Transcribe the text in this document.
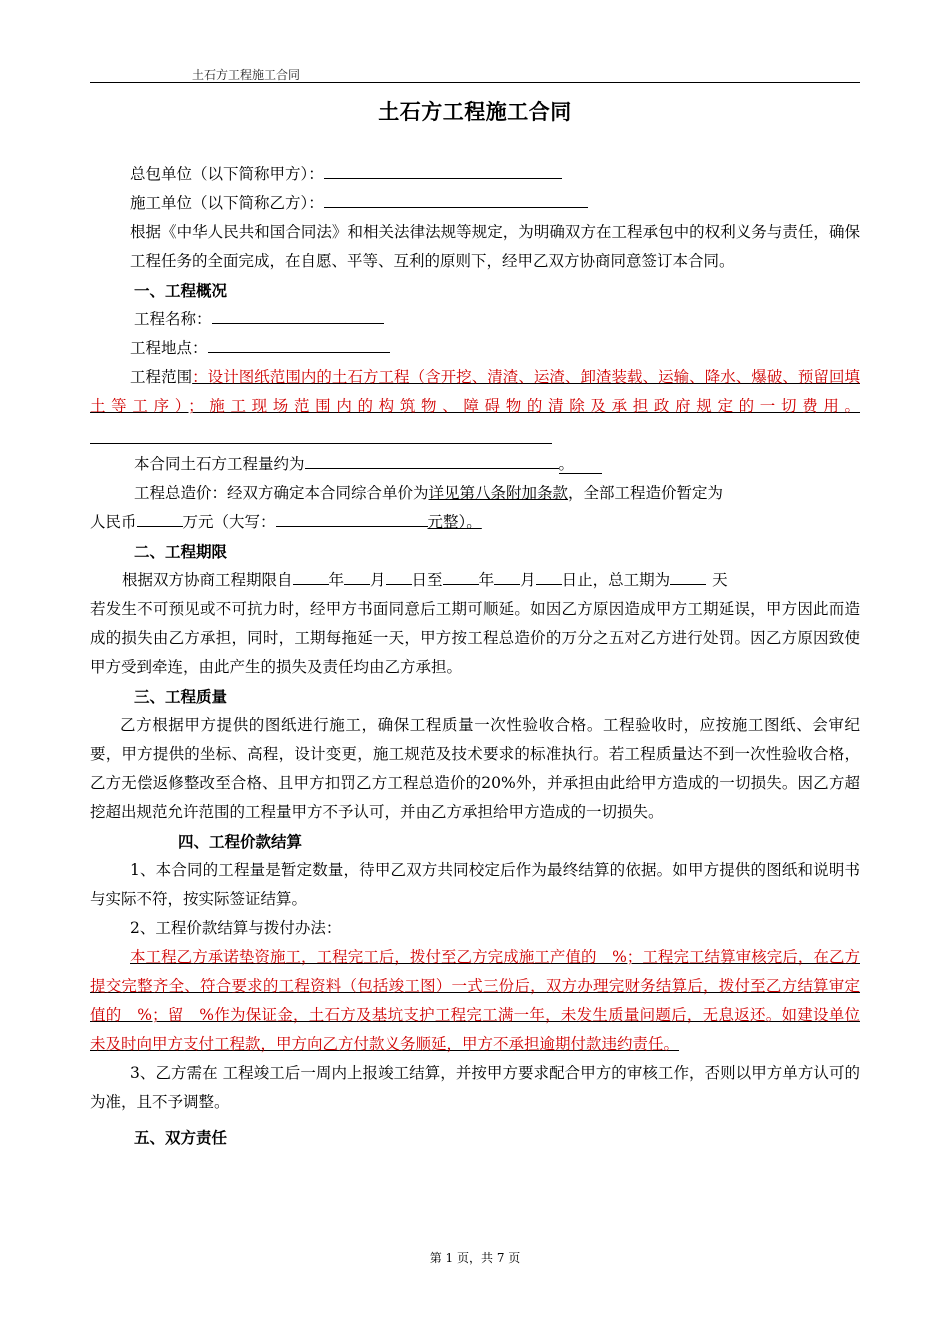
土石方工程施工合同
土石方工程施工合同

总包单位（以下简称甲方）：

施工单位（以下简称乙方）：

根据《中华人民共和国合同法》和相关法律法规等规定，为明确双方在工程承包中的权利义务与责任，确保工程任务的全面完成，在自愿、平等、互利的原则下，经甲乙双方协商同意签订本合同。

一、工程概况

工程名称：

工程地点：

工程范围：设计图纸范围内的土石方工程（含开挖、清渣、运渣、卸渣装载、运输、降水、爆破、预留回填土等工序）；施工现场范围内的构筑物、障碍物的清除及承担政府规定的一切费用。

本合同土石方工程量约为	。

工程总造价：经双方确定本合同综合单价为详见第八条附加条款，全部工程造价暂定为
人民币	万元（大写：	元整）。

二、工程期限

根据双方协商工程期限自 年 月 日至 年 月 日止，总工期为	天

若发生不可预见或不可抗力时，经甲方书面同意后工期可顺延。如因乙方原因造成甲方工期延误，甲方因此而造成的损失由乙方承担，同时，工期每拖延一天，甲方按工程总造价的万分之五对乙方进行处罚。因乙方原因致使甲方受到牵连，由此产生的损失及责任均由乙方承担。

三、工程质量

乙方根据甲方提供的图纸进行施工，确保工程质量一次性验收合格。工程验收时，应按施工图纸、会审纪要，甲方提供的坐标、高程，设计变更，施工规范及技术要求的标准执行。若工程质量达不到一次性验收合格，乙方无偿返修整改至合格、且甲方扣罚乙方工程总造价的20%外，并承担由此给甲方造成的一切损失。因乙方超挖超出规范允许范围的工程量甲方不予认可，并由乙方承担给甲方造成的一切损失。

四、工程价款结算

1、本合同的工程量是暂定数量，待甲乙双方共同校定后作为最终结算的依据。如甲方提供的图纸和说明书与实际不符，按实际签证结算。

2、工程价款结算与拨付办法：

本工程乙方承诺垫资施工，工程完工后，拨付至乙方完成施工产值的　%；工程完工结算审核完后，在乙方提交完整齐全、符合要求的工程资料（包括竣工图）一式三份后，双方办理完财务结算后，拨付至乙方结算审定值的　%；留　%作为保证金，土石方及基坑支护工程完工满一年，未发生质量问题后，无息返还。如建设单位未及时向甲方支付工程款，甲方向乙方付款义务顺延，甲方不承担逾期付款违约责任。

3、乙方需在 工程竣工后一周内上报竣工结算，并按甲方要求配合甲方的审核工作，否则以甲方单方认可的为准，且不予调整。

五、双方责任

第 1 页，共 7 页
